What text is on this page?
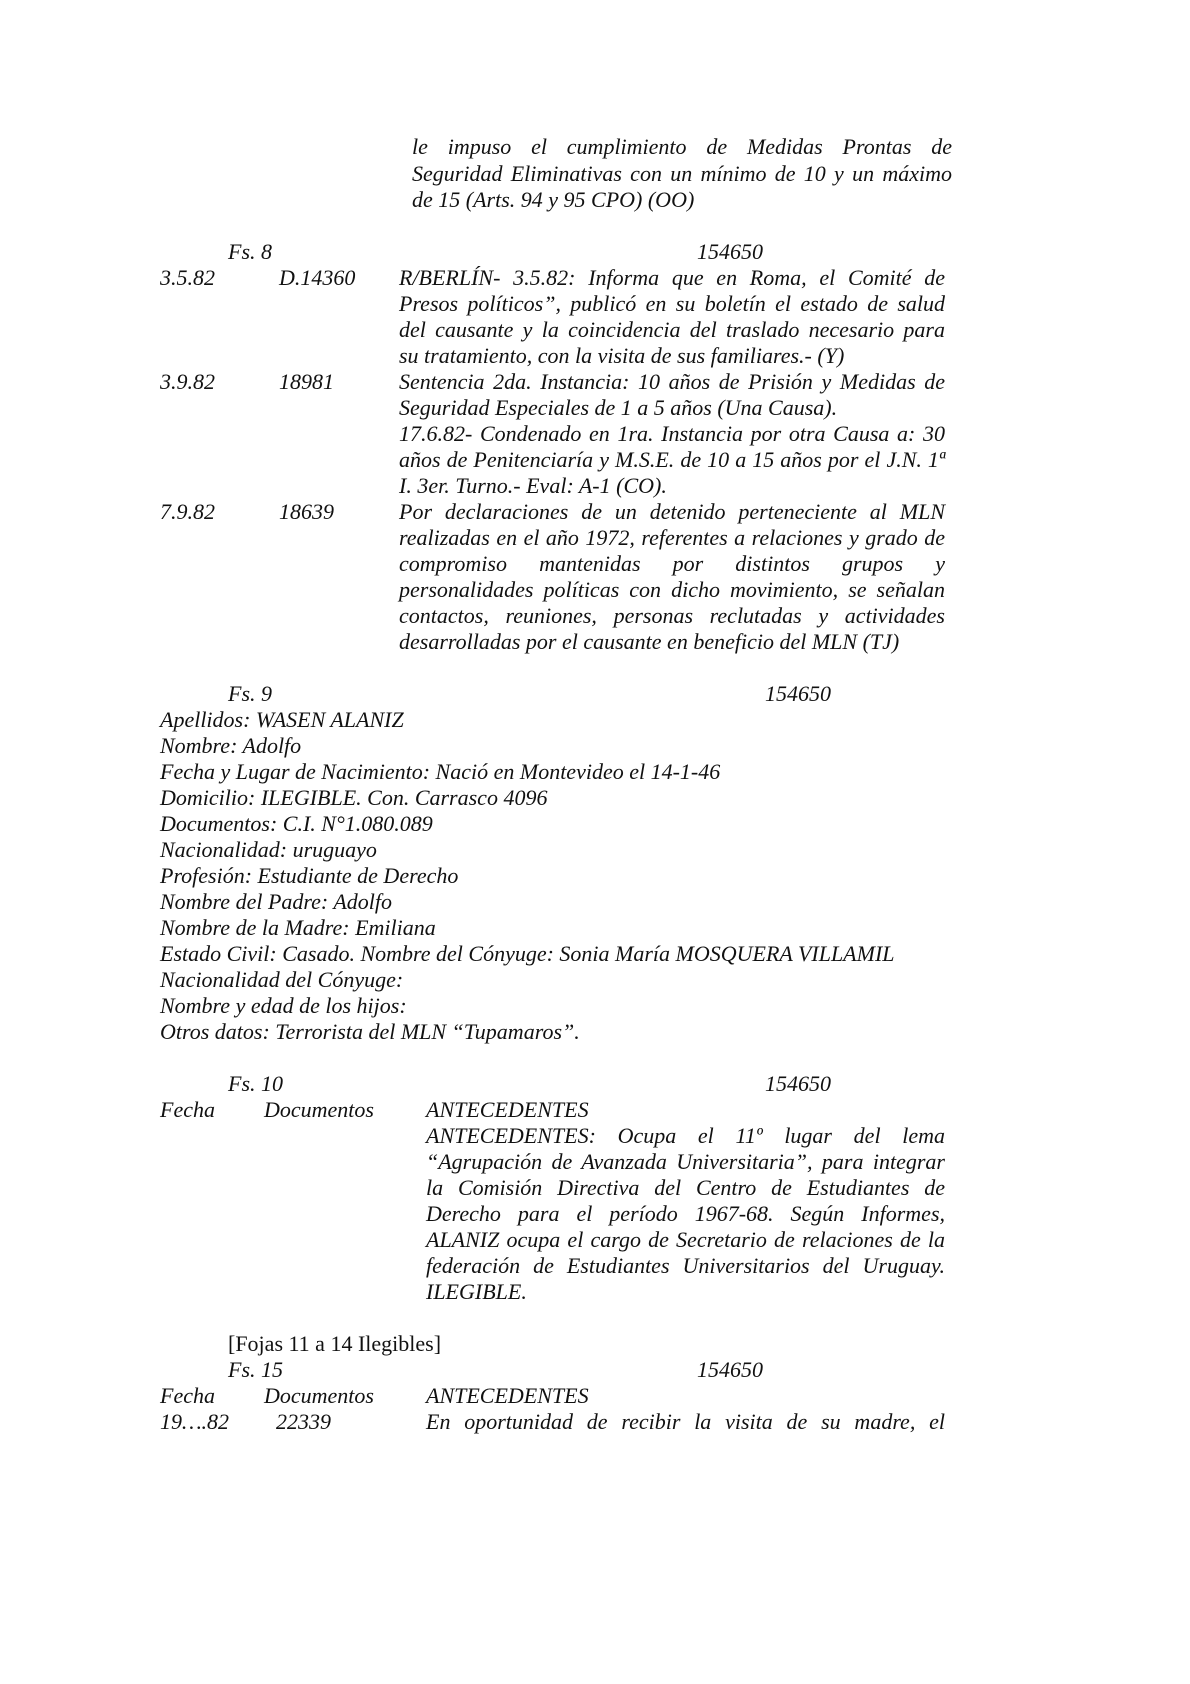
le impuso el cumplimiento de Medidas Prontas de
Seguridad Eliminativas con un mínimo de 10 y un máximo
de 15 (Arts. 94 y 95 CPO) (OO)
Fs. 8	154650
3.5.82	D.14360 R/BERLÍN- 3.5.82: Informa que en Roma, el Comité de
Presos políticos”, publicó en su boletín el estado de salud
del causante y la coincidencia del traslado necesario para
su tratamiento, con la visita de sus familiares.- (Y)
3.9.82	18981	Sentencia 2da. Instancia: 10 años de Prisión y Medidas de
Seguridad Especiales de 1 a 5 años (Una Causa).
17.6.82- Condenado en 1ra. Instancia por otra Causa a: 30
años de Penitenciaría y M.S.E. de 10 a 15 años por el J.N. 1ª
I. 3er. Turno.- Eval: A-1 (CO).
7.9.82	18639	Por declaraciones de un detenido perteneciente al MLN
realizadas en el año 1972, referentes a relaciones y grado de
compromiso mantenidas por distintos grupos y
personalidades políticas con dicho movimiento, se señalan
contactos, reuniones, personas reclutadas y actividades
desarrolladas por el causante en beneficio del MLN (TJ)
Fs. 9	154650
Apellidos: WASEN ALANIZ
Nombre: Adolfo
Fecha y Lugar de Nacimiento: Nació en Montevideo el 14-1-46
Domicilio: ILEGIBLE. Con. Carrasco 4096
Documentos: C.I. N°1.080.089
Nacionalidad: uruguayo
Profesión: Estudiante de Derecho
Nombre del Padre: Adolfo
Nombre de la Madre: Emiliana
Estado Civil: Casado. Nombre del Cónyuge: Sonia María MOSQUERA VILLAMIL
Nacionalidad del Cónyuge:
Nombre y edad de los hijos:
Otros datos: Terrorista del MLN “Tupamaros”.
Fs. 10	154650
Fecha Documentos ANTECEDENTES
ANTECEDENTES: Ocupa el 11º lugar del lema
“Agrupación de Avanzada Universitaria”, para integrar
la Comisión Directiva del Centro de Estudiantes de
Derecho para el período 1967-68. Según Informes,
ALANIZ ocupa el cargo de Secretario de relaciones de la
federación de Estudiantes Universitarios del Uruguay.
ILEGIBLE.
[Fojas 11 a 14 Ilegibles]
Fs. 15	154650
Fecha Documentos ANTECEDENTES
19….82 22339	En oportunidad de recibir la visita de su madre, el
